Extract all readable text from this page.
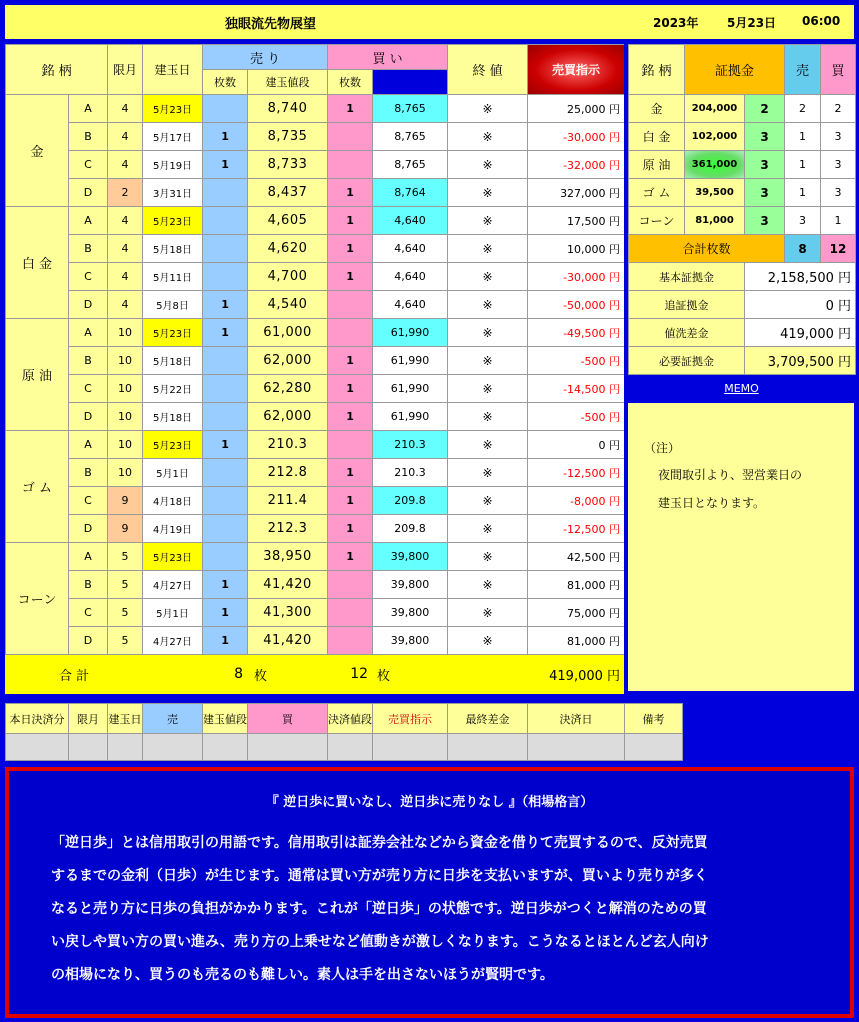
独眼流先物展望	2023年 5月23日 06:00
銘 柄		限月	建玉日	売 り		買 い		終 値	売買指示	
				枚数	建玉値段	枚数				
金	A	4	5月23日		8,740	1	8,765	※	25,000 円	
	B	4	5月17日	1	8,735		8,765	※	-30,000 円	
	C	4	5月19日	1	8,733		8,765	※	-32,000 円	
	D	2	3月31日		8,437	1	8,764	※	327,000 円	
白 金	A	4	5月23日		4,605	1	4,640	※	17,500 円	
	B	4	5月18日		4,620	1	4,640	※	10,000 円	
	C	4	5月11日		4,700	1	4,640	※	-30,000 円	
	D	4	5月8日	1	4,540		4,640	※	-50,000 円	
原 油	A	10	5月23日	1	61,000		61,990	※	-49,500 円	
	B	10	5月18日		62,000	1	61,990	※	-500 円	
	C	10	5月22日		62,280	1	61,990	※	-14,500 円	
	D	10	5月18日		62,000	1	61,990	※	-500 円	
ゴ ム	A	10	5月23日	1	210.3		210.3	※	0 円	
	B	10	5月1日		212.8	1	210.3	※	-12,500 円	
	C	9	4月18日		211.4	1	209.8	※	-8,000 円	
	D	9	4月19日		212.3	1	209.8	※	-12,500 円	
コーン	A	5	5月23日		38,950	1	39,800	※	42,500 円	
	B	5	4月27日	1	41,420		39,800	※	81,000 円	
	C	5	5月1日	1	41,300		39,800	※	75,000 円	
	D	5	4月27日	1	41,420		39,800	※	81,000 円	
合 計			8		枚	12	枚	419,000 円		
銘 柄	証拠金		売	買
金	204,000	2	2	2
白 金	102,000	3	1	3
原 油	361,000	3	1	3
ゴ ム	39,500	3	1	3
コーン	81,000	3	3	1
合計枚数			8	12
基本証拠金		2,158,500 円		
追証拠金		0 円		
値洗差金		419,000 円		
必要証拠金		3,709,500 円		
MEMO
（注）
夜間取引より、翌営業日の
建玉日となります。
本日決済分	限月	建玉日	売	建玉値段	買	決済値段	売買指示	最終差金	決済日	備考

『 逆日歩に買いなし、逆日歩に売りなし 』（相場格言）
「逆日歩」とは信用取引の用語です。信用取引は証券会社などから資金を借りて売買するので、反対売買
するまでの金利（日歩）が生じます。通常は買い方が売り方に日歩を支払いますが、買いより売りが多く
なると売り方に日歩の負担がかかります。これが「逆日歩」の状態です。逆日歩がつくと解消のための買
い戻しや買い方の買い進み、売り方の上乗せなど値動きが激しくなります。こうなるとほとんど玄人向け
の相場になり、買うのも売るのも難しい。素人は手を出さないほうが賢明です。
